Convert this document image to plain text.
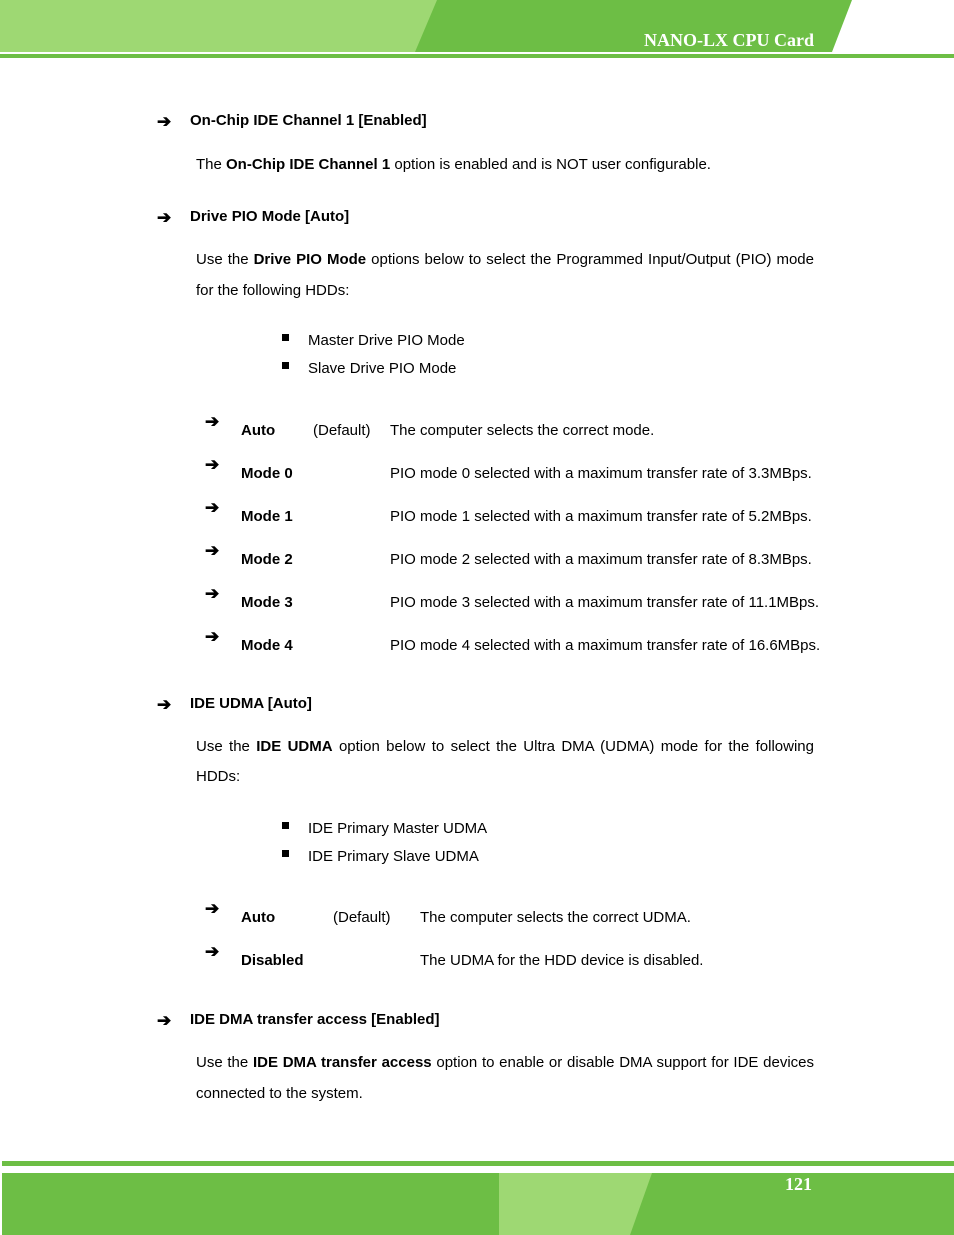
NANO-LX CPU Card
➔ On-Chip IDE Channel 1 [Enabled]
The On-Chip IDE Channel 1 option is enabled and is NOT user configurable.
➔ Drive PIO Mode [Auto]
Use the Drive PIO Mode options below to select the Programmed Input/Output (PIO) mode for the following HDDs:
Master Drive PIO Mode
Slave Drive PIO Mode
➔ Auto	(Default) The computer selects the correct mode.
➔ Mode 0	PIO mode 0 selected with a maximum transfer rate of 3.3MBps.
➔ Mode 1	PIO mode 1 selected with a maximum transfer rate of 5.2MBps.
➔ Mode 2	PIO mode 2 selected with a maximum transfer rate of 8.3MBps.
➔ Mode 3	PIO mode 3 selected with a maximum transfer rate of 11.1MBps.
➔ Mode 4	PIO mode 4 selected with a maximum transfer rate of 16.6MBps.
➔ IDE UDMA [Auto]
Use the IDE UDMA option below to select the Ultra DMA (UDMA) mode for the following HDDs:
IDE Primary Master UDMA
IDE Primary Slave UDMA
➔ Auto	(Default) The computer selects the correct UDMA.
➔ Disabled	The UDMA for the HDD device is disabled.
➔ IDE DMA transfer access [Enabled]
Use the IDE DMA transfer access option to enable or disable DMA support for IDE devices connected to the system.
121
